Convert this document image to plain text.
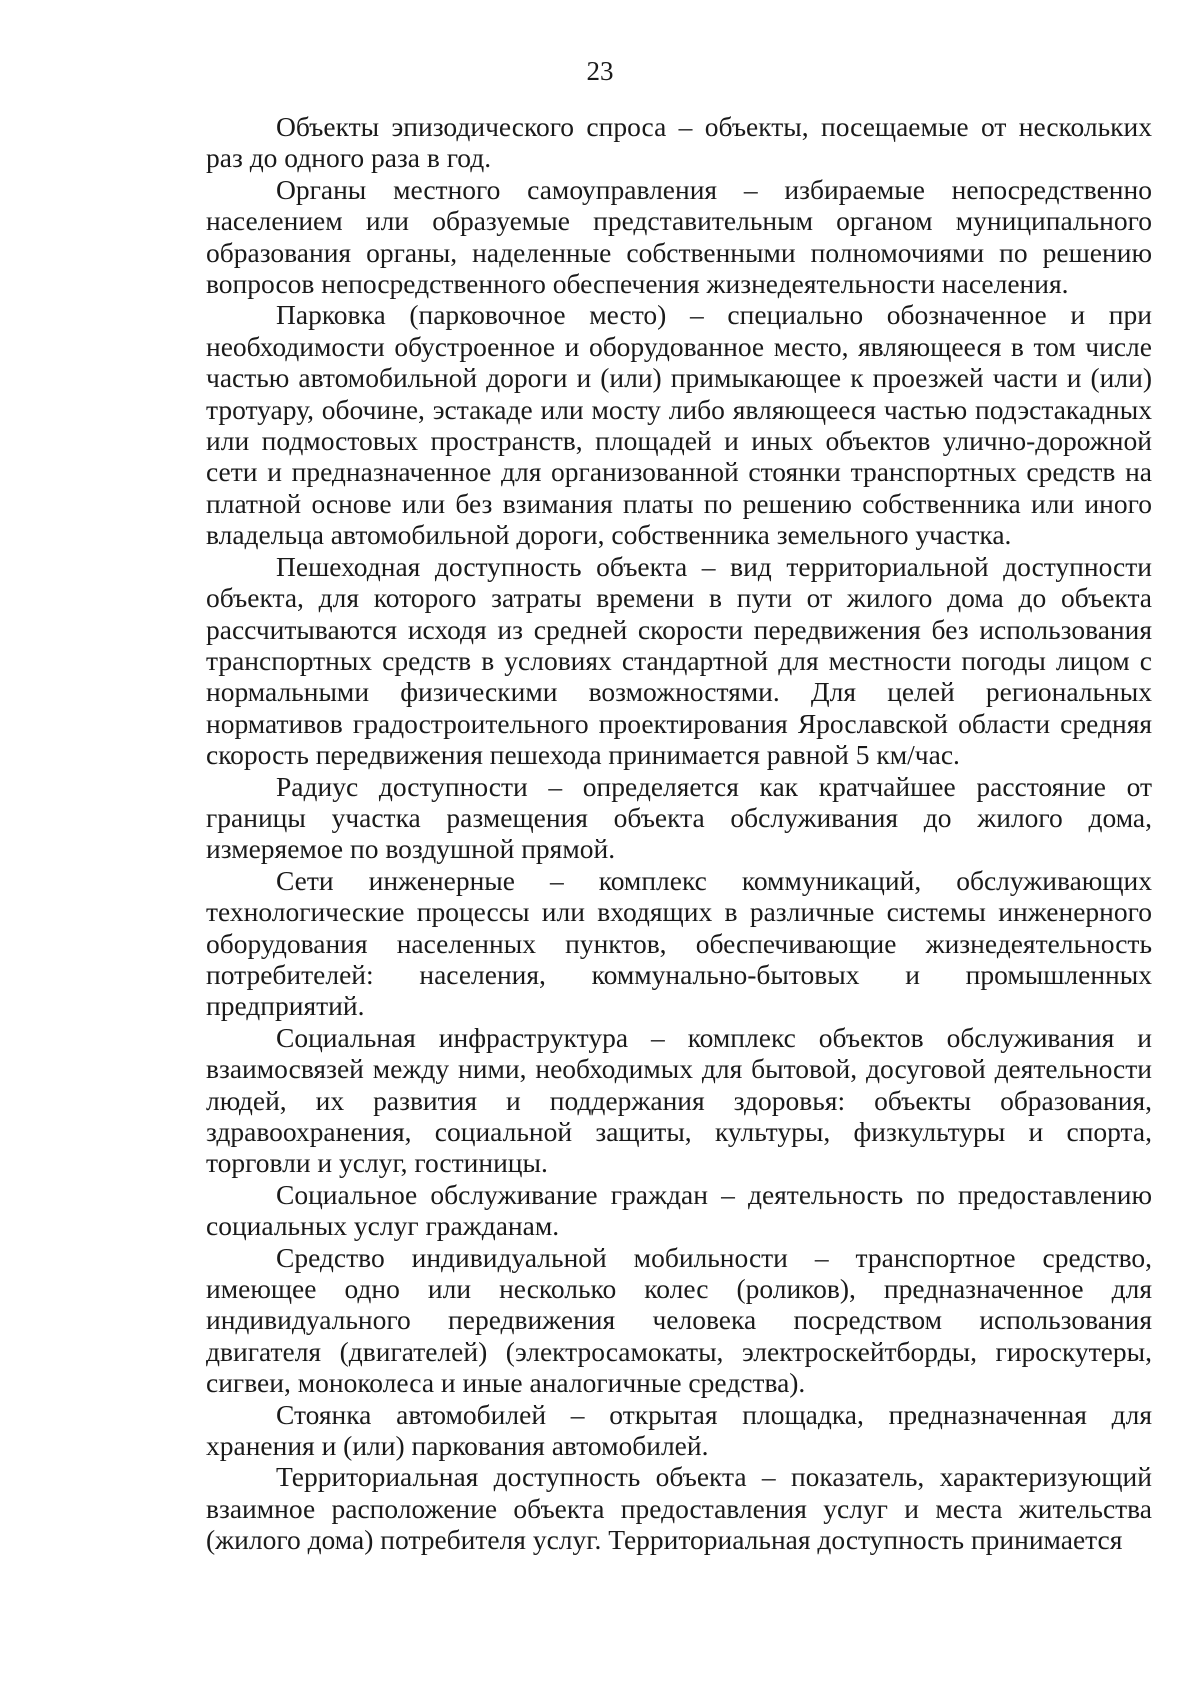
23

Объекты эпизодического спроса – объекты, посещаемые от нескольких раз до одного раза в год.

Органы местного самоуправления – избираемые непосредственно населением или образуемые представительным органом муниципального образования органы, наделенные собственными полномочиями по решению вопросов непосредственного обеспечения жизнедеятельности населения.

Парковка (парковочное место) – специально обозначенное и при необходимости обустроенное и оборудованное место, являющееся в том числе частью автомобильной дороги и (или) примыкающее к проезжей части и (или) тротуару, обочине, эстакаде или мосту либо являющееся частью подэстакадных или подмостовых пространств, площадей и иных объектов улично-дорожной сети и предназначенное для организованной стоянки транспортных средств на платной основе или без взимания платы по решению собственника или иного владельца автомобильной дороги, собственника земельного участка.

Пешеходная доступность объекта – вид территориальной доступности объекта, для которого затраты времени в пути от жилого дома до объекта рассчитываются исходя из средней скорости передвижения без использования транспортных средств в условиях стандартной для местности погоды лицом с нормальными физическими возможностями. Для целей региональных нормативов градостроительного проектирования Ярославской области средняя скорость передвижения пешехода принимается равной 5 км/час.

Радиус доступности – определяется как кратчайшее расстояние от границы участка размещения объекта обслуживания до жилого дома, измеряемое по воздушной прямой.

Сети инженерные – комплекс коммуникаций, обслуживающих технологические процессы или входящих в различные системы инженерного оборудования населенных пунктов, обеспечивающие жизнедеятельность потребителей: населения, коммунально-бытовых и промышленных предприятий.

Социальная инфраструктура – комплекс объектов обслуживания и взаимосвязей между ними, необходимых для бытовой, досуговой деятельности людей, их развития и поддержания здоровья: объекты образования, здравоохранения, социальной защиты, культуры, физкультуры и спорта, торговли и услуг, гостиницы.

Социальное обслуживание граждан – деятельность по предоставлению социальных услуг гражданам.

Средство индивидуальной мобильности – транспортное средство, имеющее одно или несколько колес (роликов), предназначенное для индивидуального передвижения человека посредством использования двигателя (двигателей) (электросамокаты, электроскейтборды, гироскутеры, сигвеи, моноколеса и иные аналогичные средства).

Стоянка автомобилей – открытая площадка, предназначенная для хранения и (или) паркования автомобилей.

Территориальная доступность объекта – показатель, характеризующий взаимное расположение объекта предоставления услуг и места жительства (жилого дома) потребителя услуг. Территориальная доступность принимается
